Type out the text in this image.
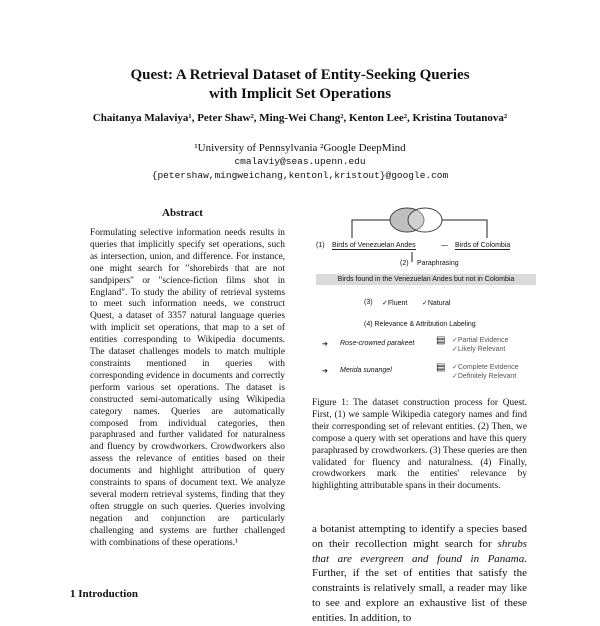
Quest: A Retrieval Dataset of Entity-Seeking Queries
with Implicit Set Operations
Chaitanya Malaviya¹, Peter Shaw², Ming-Wei Chang², Kenton Lee², Kristina Toutanova²
¹University of Pennsylvania ²Google DeepMind
cmalaviy@seas.upenn.edu
{petershaw,mingweichang,kentonl,kristout}@google.com
Abstract

Formulating selective information needs results in queries that implicitly specify set operations, such as intersection, union, and difference. For instance, one might search for "shorebirds that are not sandpipers" or "science-fiction films shot in England". To study the ability of retrieval systems to meet such information needs, we construct Quest, a dataset of 3357 natural language queries with implicit set operations, that map to a set of entities corresponding to Wikipedia documents. The dataset challenges models to match multiple constraints mentioned in queries with corresponding evidence in documents and correctly perform various set operations. The dataset is constructed semi-automatically using Wikipedia category names. Queries are automatically composed from individual categories, then paraphrased and further validated for naturalness and fluency by crowdworkers. Crowdworkers also assess the relevance of entities based on their documents and highlight attribution of query constraints to spans of document text. We analyze several modern retrieval systems, finding that they often struggle on such queries. Queries involving negation and conjunction are particularly challenging and systems are further challenged with combinations of these operations.¹

1 Introduction
(1) Birds of Venezuelan Andes	— Birds of Colombia
(2) Paraphrasing
Birds found in the Venezuelan Andes but not in Colombia
(3) ✓Fluent ✓Natural
(4) Relevance & Attribution Labeling
➔ Rose-crowned parakeet ▤ ✓Partial Evidence
✓Likely Relevant
➔ Merida sunangel	▤ ✓Complete Evidence
✓Definitely Relevant
Figure 1: The dataset construction process for Quest. First, (1) we sample Wikipedia category names and find their corresponding set of relevant entities. (2) Then, we compose a query with set operations and have this query paraphrased by crowdworkers. (3) These queries are then validated for fluency and naturalness. (4) Finally, crowdworkers mark the entities' relevance by highlighting attributable spans in their documents.
a botanist attempting to identify a species based on their recollection might search for shrubs that are evergreen and found in Panama. Further, if the set of entities that satisfy the constraints is relatively small, a reader may like to see and explore an exhaustive list of these entities. In addition, to
